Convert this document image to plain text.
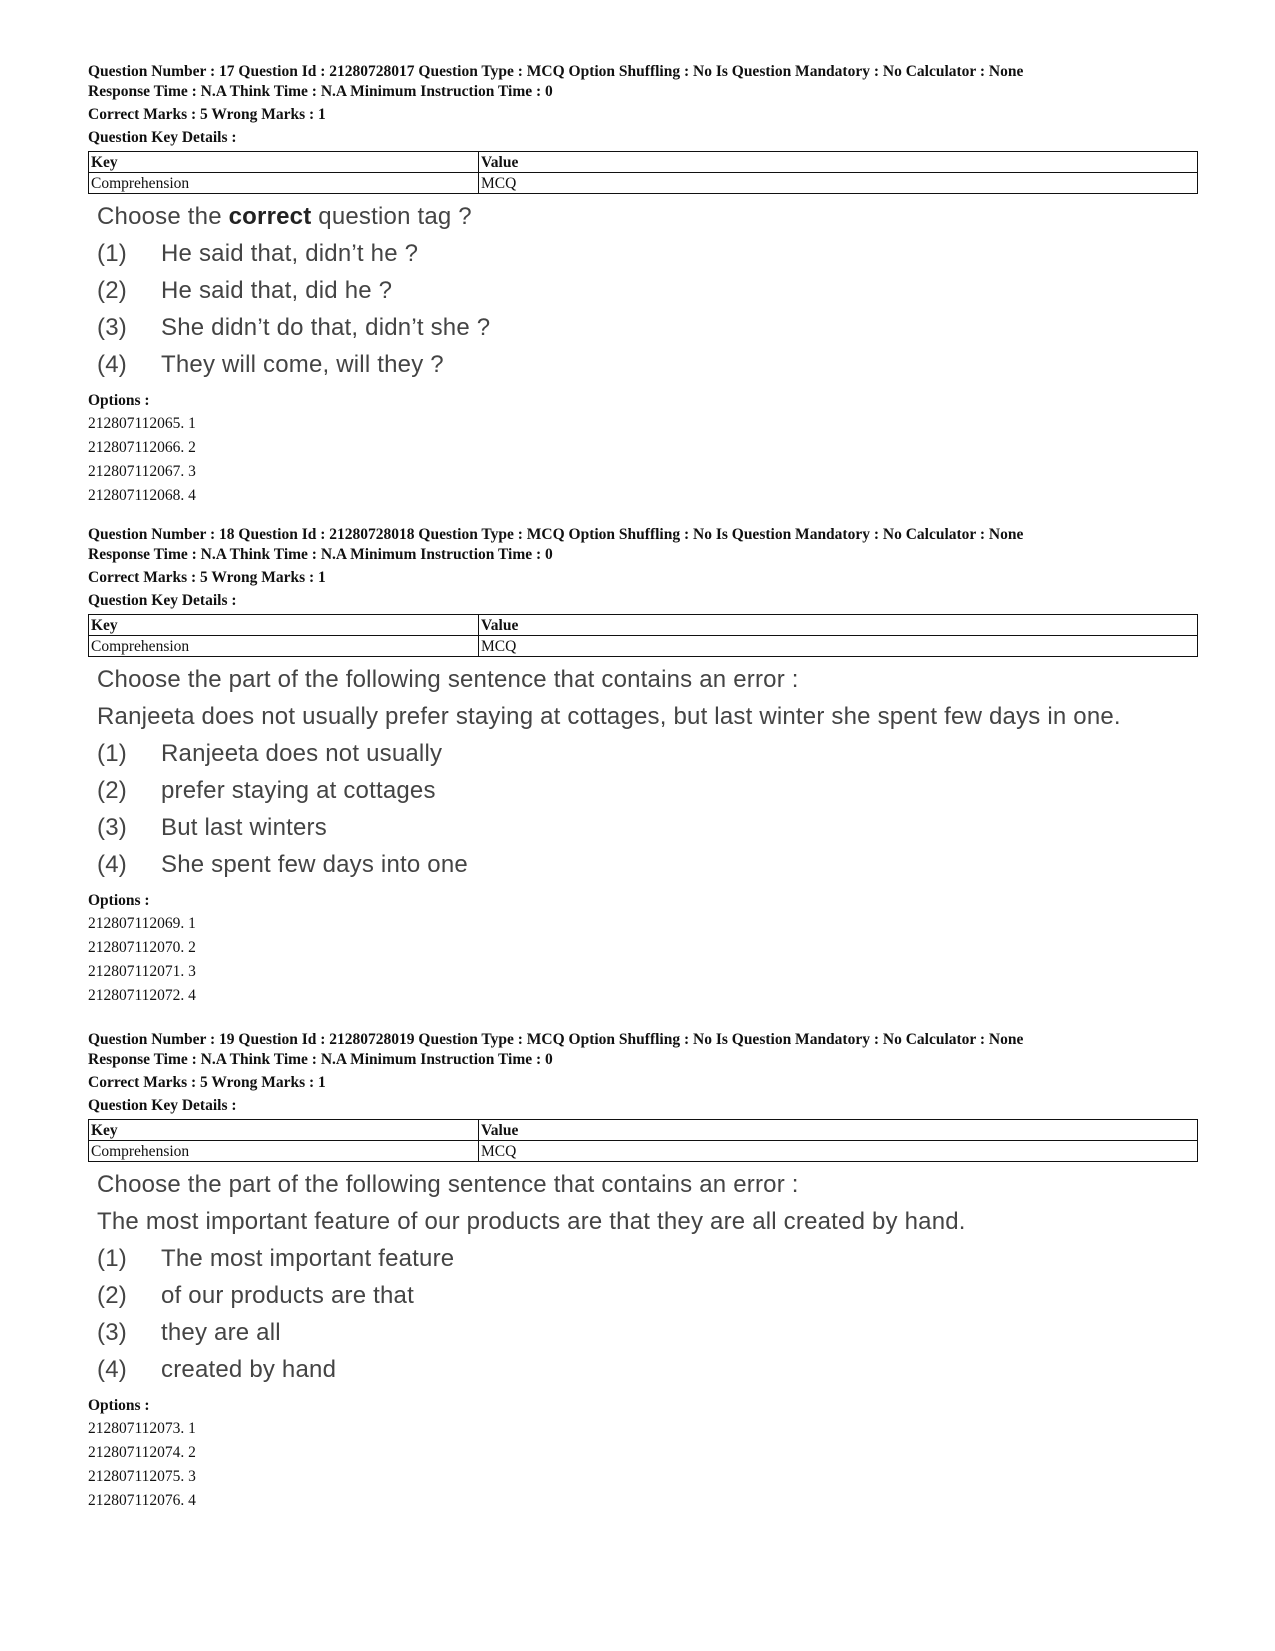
Question Number : 17 Question Id : 21280728017 Question Type : MCQ Option Shuffling : No Is Question Mandatory : No Calculator : None
Response Time : N.A Think Time : N.A Minimum Instruction Time : 0
Correct Marks : 5 Wrong Marks : 1
Question Key Details :
Key	Value
Comprehension	MCQ
Choose the correct question tag ?
(1)	He said that, didn’t he ?
(2)	He said that, did he ?
(3)	She didn’t do that, didn’t she ?
(4)	They will come, will they ?
Options :
212807112065. 1
212807112066. 2
212807112067. 3
212807112068. 4
Question Number : 18 Question Id : 21280728018 Question Type : MCQ Option Shuffling : No Is Question Mandatory : No Calculator : None
Response Time : N.A Think Time : N.A Minimum Instruction Time : 0
Correct Marks : 5 Wrong Marks : 1
Question Key Details :
Key	Value
Comprehension	MCQ
Choose the part of the following sentence that contains an error :
Ranjeeta does not usually prefer staying at cottages, but last winter she spent few days in one.
(1)	Ranjeeta does not usually
(2)	prefer staying at cottages
(3)	But last winters
(4)	She spent few days into one
Options :
212807112069. 1
212807112070. 2
212807112071. 3
212807112072. 4
Question Number : 19 Question Id : 21280728019 Question Type : MCQ Option Shuffling : No Is Question Mandatory : No Calculator : None
Response Time : N.A Think Time : N.A Minimum Instruction Time : 0
Correct Marks : 5 Wrong Marks : 1
Question Key Details :
Key	Value
Comprehension	MCQ
Choose the part of the following sentence that contains an error :
The most important feature of our products are that they are all created by hand.
(1)	The most important feature
(2)	of our products are that
(3)	they are all
(4)	created by hand
Options :
212807112073. 1
212807112074. 2
212807112075. 3
212807112076. 4
